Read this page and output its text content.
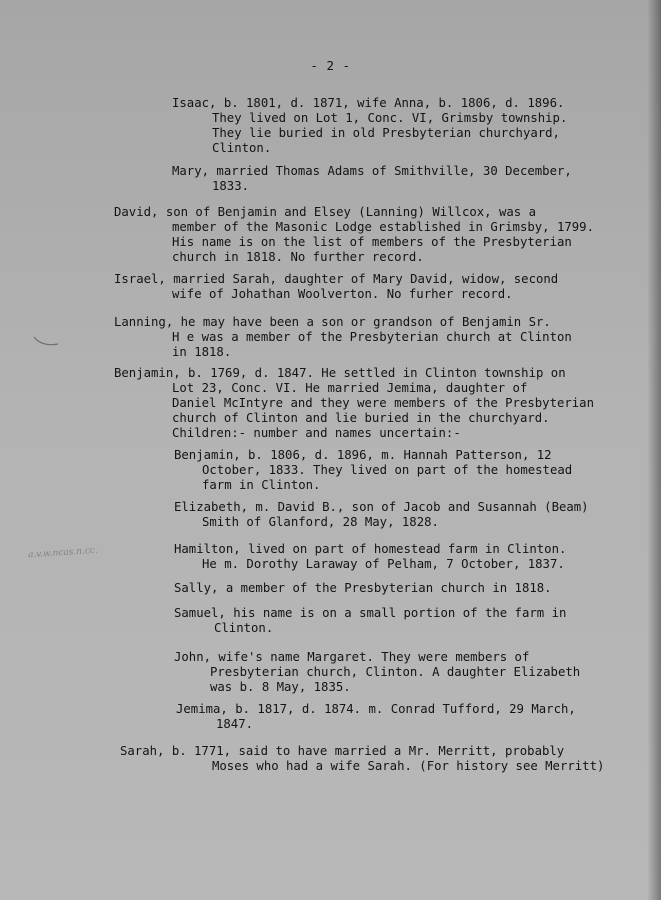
- 2 -
Isaac, b. 1801, d. 1871, wife Anna, b. 1806, d. 1896.
They lived on Lot 1, Conc. VI, Grimsby township.
They lie buried in old Presbyterian churchyard,
Clinton.
Mary, married Thomas Adams of Smithville, 30 December,
1833.
David, son of Benjamin and Elsey (Lanning) Willcox, was a
member of the Masonic Lodge established in Grimsby, 1799.
His name is on the list of members of the Presbyterian
church in 1818. No further record.
Israel, married Sarah, daughter of Mary David, widow, second
wife of Johathan Woolverton. No furher record.
Lanning, he may have been a son or grandson of Benjamin Sr.
H e was a member of the Presbyterian church at Clinton
in 1818.
Benjamin, b. 1769, d. 1847. He settled in Clinton township on
Lot 23, Conc. VI. He married Jemima, daughter of
Daniel McIntyre and they were members of the Presbyterian
church of Clinton and lie buried in the churchyard.
Children:- number and names uncertain:-
Benjamin, b. 1806, d. 1896, m. Hannah Patterson, 12
October, 1833. They lived on part of the homestead
farm in Clinton.
Elizabeth, m. David B., son of Jacob and Susannah (Beam)
Smith of Glanford, 28 May, 1828.
a.v.w.ncas.n.cc.	Hamilton, lived on part of homestead farm in Clinton.
He m. Dorothy Laraway of Pelham, 7 October, 1837.
Sally, a member of the Presbyterian church in 1818.
Samuel, his name is on a small portion of the farm in
Clinton.
John, wife's name Margaret. They were members of
Presbyterian church, Clinton. A daughter Elizabeth
was b. 8 May, 1835.
Jemima, b. 1817, d. 1874. m. Conrad Tufford, 29 March,
1847.
Sarah, b. 1771, said to have married a Mr. Merritt, probably
Moses who had a wife Sarah. (For history see Merritt)
